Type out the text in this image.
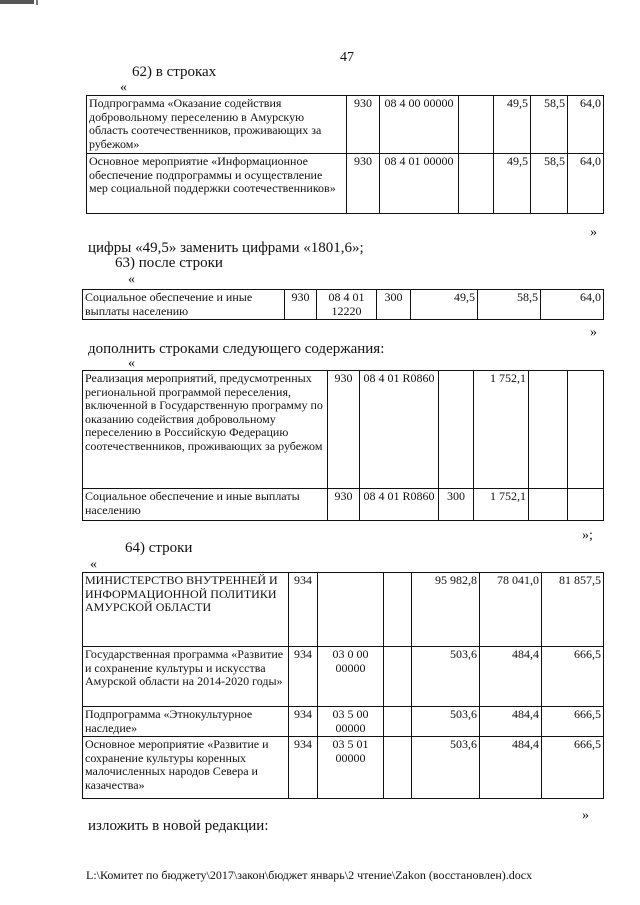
47
62) в строках
«
Подпрограмма «Оказание содействия добровольному переселению в Амурскую область соотечественников, проживающих за рубежом»	930	08 4 00 00000		49,5	58,5	64,0
Основное мероприятие «Информационное обеспечение подпрограммы и осуществление мер социальной поддержки соотечественников»	930	08 4 01 00000		49,5	58,5	64,0
»
цифры «49,5» заменить цифрами «1801,6»;
63) после строки
«
Социальное обеспечение и иные выплаты населению	930	08 4 01 12220	300	49,5	58,5	64,0
»
дополнить строками следующего содержания:
«
Реализация мероприятий, предусмотренных региональной программой переселения, включенной в Государственную программу по оказанию содействия добровольному переселению в Российскую Федерацию соотечественников, проживающих за рубежом	930	08 4 01 R0860		1 752,1		
Социальное обеспечение и иные выплаты населению	930	08 4 01 R0860	300	1 752,1		
»;
64) строки
«
МИНИСТЕРСТВО ВНУТРЕННЕЙ И ИНФОРМАЦИОННОЙ ПОЛИТИКИ АМУРСКОЙ ОБЛАСТИ	934			95 982,8	78 041,0	81 857,5
Государственная программа «Развитие и сохранение культуры и искусства Амурской области на 2014-2020 годы»	934	03 0 00 00000		503,6	484,4	666,5
Подпрограмма «Этнокультурное наследие»	934	03 5 00 00000		503,6	484,4	666,5
Основное мероприятие «Развитие и сохранение культуры коренных малочисленных народов Севера и казачества»	934	03 5 01 00000		503,6	484,4	666,5
»
изложить в новой редакции:
L:\Комитет по бюджету\2017\закон\бюджет январь\2 чтение\Zakon (восстановлен).docx
